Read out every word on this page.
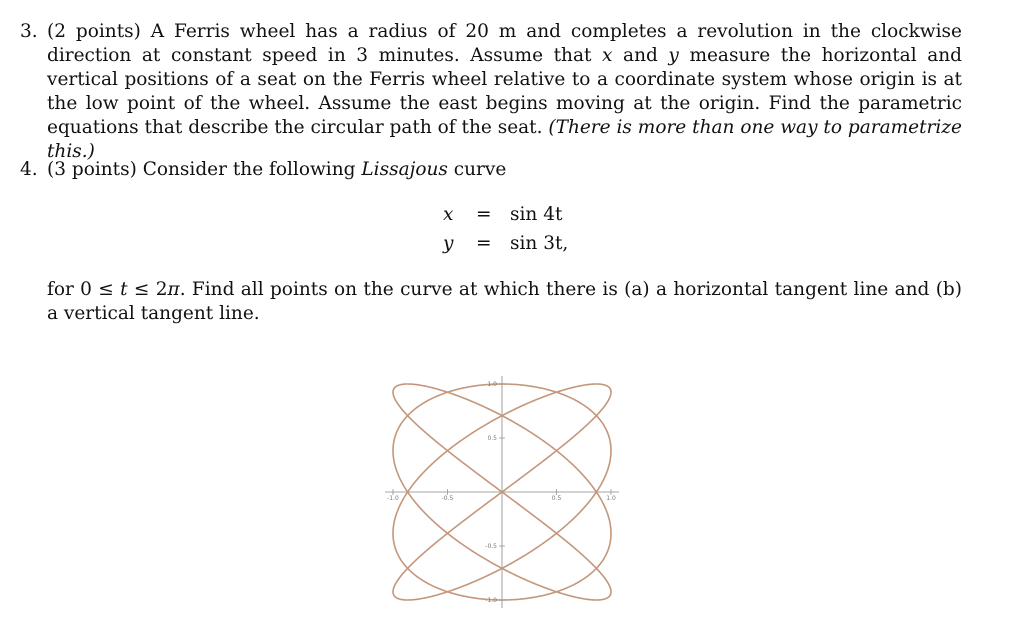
3. (2 points) A Ferris wheel has a radius of 20 m and completes a revolution in the clockwise direction at constant speed in 3 minutes. Assume that x and y measure the horizontal and vertical positions of a seat on the Ferris wheel relative to a coordinate system whose origin is at the low point of the wheel. Assume the east begins moving at the origin. Find the parametric equations that describe the circular path of the seat. (There is more than one way to parametrize this.)
4. (3 points) Consider the following Lissajous curve
x = sin 4t
y = sin 3t,
for 0 ≤ t ≤ 2π. Find all points on the curve at which there is (a) a horizontal tangent line and (b) a vertical tangent line.
-1.0	-0.5	0.5	1.0
1.0
0.5
-0.5
-1.0
